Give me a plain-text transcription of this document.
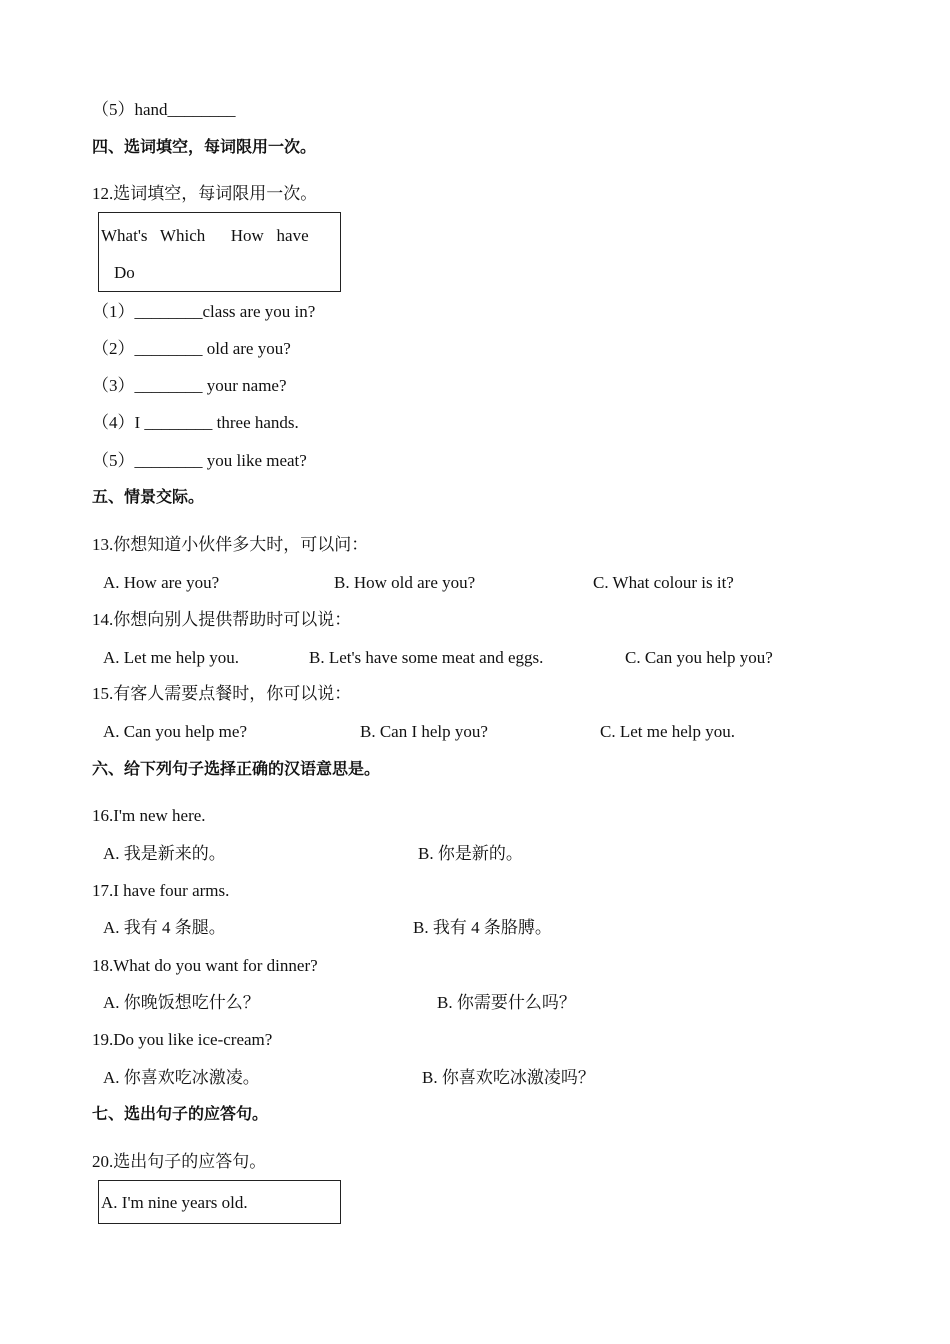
（5）hand________
四、选词填空，每词限用一次。
12.选词填空，每词限用一次。
What's   Which      How   have
Do
（1）________class are you in?
（2）________ old are you?
（3）________ your name?
（4）I ________ three hands.
（5）________ you like meat?
五、情景交际。
13.你想知道小伙伴多大时，可以问：
A. How are you?	B. How old are you?	C. What colour is it?
14.你想向别人提供帮助时可以说：
A. Let me help you.	B. Let's have some meat and eggs.	C. Can you help you?
15.有客人需要点餐时，你可以说：
A. Can you help me?	B. Can I help you?	C. Let me help you.
六、给下列句子选择正确的汉语意思是。
16.I'm new here.
A. 我是新来的。	B. 你是新的。
17.I have four arms.
A. 我有 4 条腿。	B. 我有 4 条胳膊。
18.What do you want for dinner?
A. 你晚饭想吃什么？	B. 你需要什么吗？
19.Do you like ice-cream?
A. 你喜欢吃冰激凌。	B. 你喜欢吃冰激凌吗？
七、选出句子的应答句。
20.选出句子的应答句。
A. I'm nine years old.
